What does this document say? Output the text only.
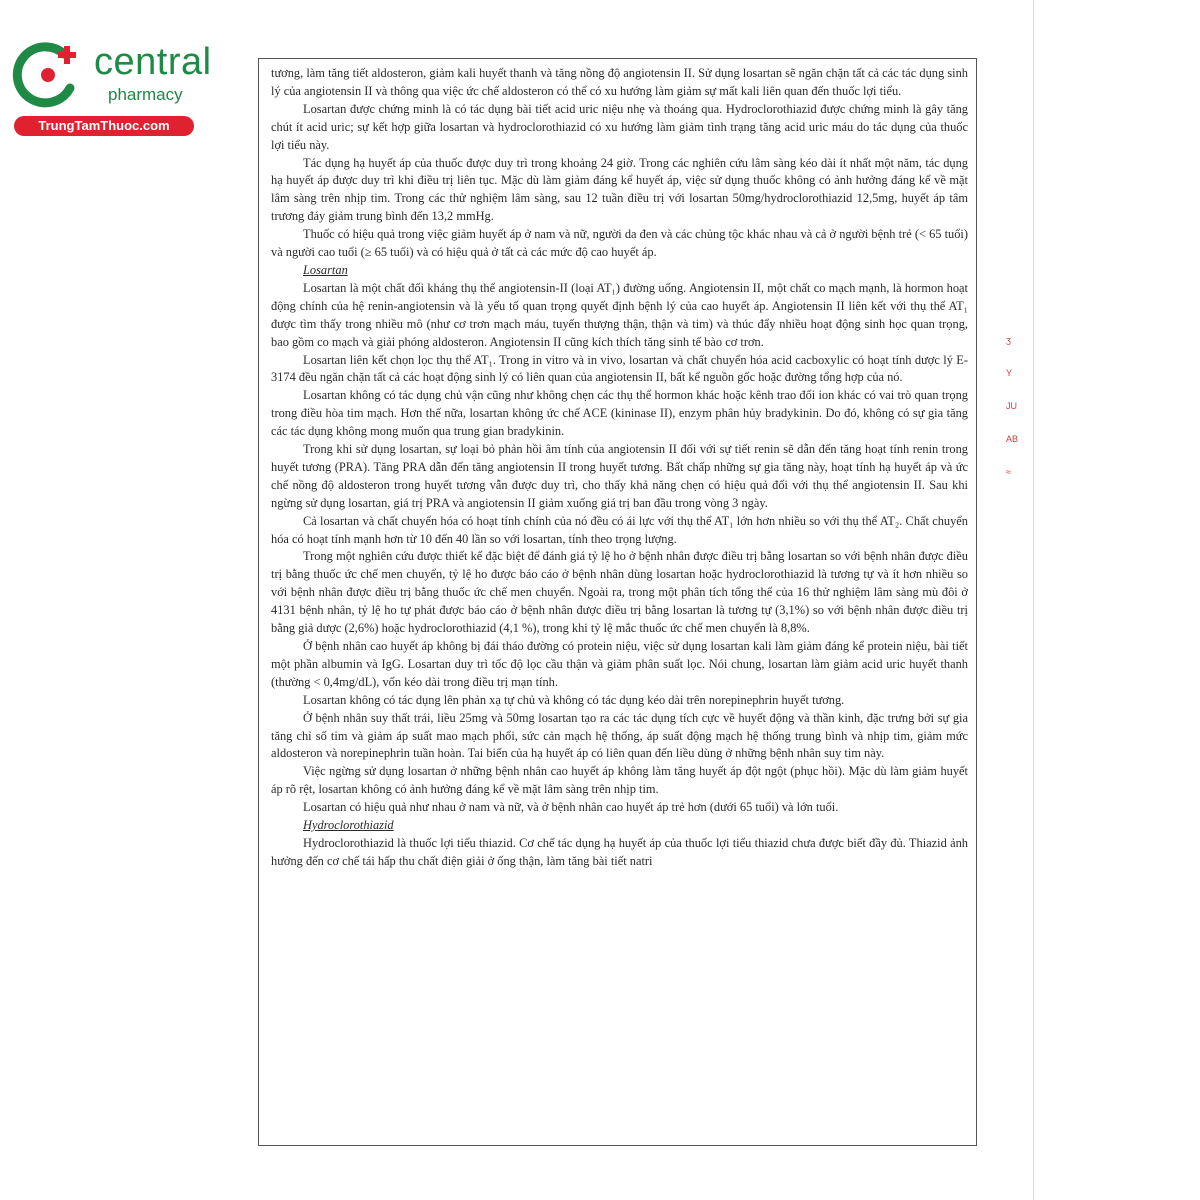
central
pharmacy
TrungTamThuoc.com

tương, làm tăng tiết aldosteron, giảm kali huyết thanh và tăng nồng độ angiotensin II. Sử dụng losartan sẽ ngăn chặn tất cả các tác dụng sinh lý của angiotensin II và thông qua việc ức chế aldosteron có thể có xu hướng làm giảm sự mất kali liên quan đến thuốc lợi tiểu.

Losartan được chứng minh là có tác dụng bài tiết acid uric niệu nhẹ và thoáng qua. Hydroclorothiazid được chứng minh là gây tăng chút ít acid uric; sự kết hợp giữa losartan và hydroclorothiazid có xu hướng làm giảm tình trạng tăng acid uric máu do tác dụng của thuốc lợi tiểu này.

Tác dụng hạ huyết áp của thuốc được duy trì trong khoảng 24 giờ. Trong các nghiên cứu lâm sàng kéo dài ít nhất một năm, tác dụng hạ huyết áp được duy trì khi điều trị liên tục. Mặc dù làm giảm đáng kể huyết áp, việc sử dụng thuốc không có ảnh hưởng đáng kể về mặt lâm sàng trên nhịp tim. Trong các thử nghiệm lâm sàng, sau 12 tuần điều trị với losartan 50mg/hydroclorothiazid 12,5mg, huyết áp tâm trương đáy giảm trung bình đến 13,2 mmHg.

Thuốc có hiệu quả trong việc giảm huyết áp ở nam và nữ, người da đen và các chủng tộc khác nhau và cả ở người bệnh trẻ (< 65 tuổi) và người cao tuổi (≥ 65 tuổi) và có hiệu quả ở tất cả các mức độ cao huyết áp.

Losartan

Losartan là một chất đối kháng thụ thể angiotensin-II (loại AT₁) đường uống. Angiotensin II, một chất co mạch mạnh, là hormon hoạt động chính của hệ renin-angiotensin và là yếu tố quan trọng quyết định bệnh lý của cao huyết áp. Angiotensin II liên kết với thụ thể AT₁ được tìm thấy trong nhiều mô (như cơ trơn mạch máu, tuyến thượng thận, thận và tim) và thúc đẩy nhiều hoạt động sinh học quan trọng, bao gồm co mạch và giải phóng aldosteron. Angiotensin II cũng kích thích tăng sinh tế bào cơ trơn.

Losartan liên kết chọn lọc thụ thể AT₁. Trong in vitro và in vivo, losartan và chất chuyển hóa acid cacboxylic có hoạt tính dược lý E-3174 đều ngăn chặn tất cả các hoạt động sinh lý có liên quan của angiotensin II, bất kể nguồn gốc hoặc đường tổng hợp của nó.

Losartan không có tác dụng chủ vận cũng như không chẹn các thụ thể hormon khác hoặc kênh trao đổi ion khác có vai trò quan trọng trong điều hòa tim mạch. Hơn thế nữa, losartan không ức chế ACE (kininase II), enzym phân hủy bradykinin. Do đó, không có sự gia tăng các tác dụng không mong muốn qua trung gian bradykinin.

Trong khi sử dụng losartan, sự loại bỏ phản hồi âm tính của angiotensin II đối với sự tiết renin sẽ dẫn đến tăng hoạt tính renin trong huyết tương (PRA). Tăng PRA dẫn đến tăng angiotensin II trong huyết tương. Bất chấp những sự gia tăng này, hoạt tính hạ huyết áp và ức chế nồng độ aldosteron trong huyết tương vẫn được duy trì, cho thấy khả năng chẹn có hiệu quả đối với thụ thể angiotensin II. Sau khi ngừng sử dụng losartan, giá trị PRA và angiotensin II giảm xuống giá trị ban đầu trong vòng 3 ngày.

Cả losartan và chất chuyển hóa có hoạt tính chính của nó đều có ái lực với thụ thể AT₁ lớn hơn nhiều so với thụ thể AT₂. Chất chuyển hóa có hoạt tính mạnh hơn từ 10 đến 40 lần so với losartan, tính theo trọng lượng.

Trong một nghiên cứu được thiết kế đặc biệt để đánh giá tỷ lệ ho ở bệnh nhân được điều trị bằng losartan so với bệnh nhân được điều trị bằng thuốc ức chế men chuyển, tỷ lệ ho được báo cáo ở bệnh nhân dùng losartan hoặc hydroclorothiazid là tương tự và ít hơn nhiều so với bệnh nhân được điều trị bằng thuốc ức chế men chuyển. Ngoài ra, trong một phân tích tổng thể của 16 thử nghiệm lâm sàng mù đôi ở 4131 bệnh nhân, tỷ lệ ho tự phát được báo cáo ở bệnh nhân được điều trị bằng losartan là tương tự (3,1%) so với bệnh nhân được điều trị bằng giả dược (2,6%) hoặc hydroclorothiazid (4,1 %), trong khi tỷ lệ mắc thuốc ức chế men chuyển là 8,8%.

Ở bệnh nhân cao huyết áp không bị đái tháo đường có protein niệu, việc sử dụng losartan kali làm giảm đáng kể protein niệu, bài tiết một phần albumin và IgG. Losartan duy trì tốc độ lọc cầu thận và giảm phân suất lọc. Nói chung, losartan làm giảm acid uric huyết thanh (thường < 0,4mg/dL), vốn kéo dài trong điều trị mạn tính.

Losartan không có tác dụng lên phản xạ tự chủ và không có tác dụng kéo dài trên norepinephrin huyết tương.

Ở bệnh nhân suy thất trái, liều 25mg và 50mg losartan tạo ra các tác dụng tích cực về huyết động và thần kinh, đặc trưng bởi sự gia tăng chỉ số tim và giảm áp suất mao mạch phổi, sức cản mạch hệ thống, áp suất động mạch hệ thống trung bình và nhịp tim, giảm mức aldosteron và norepinephrin tuần hoàn. Tai biến của hạ huyết áp có liên quan đến liều dùng ở những bệnh nhân suy tim này.

Việc ngừng sử dụng losartan ở những bệnh nhân cao huyết áp không làm tăng huyết áp đột ngột (phục hồi). Mặc dù làm giảm huyết áp rõ rệt, losartan không có ảnh hưởng đáng kể về mặt lâm sàng trên nhịp tim.

Losartan có hiệu quả như nhau ở nam và nữ, và ở bệnh nhân cao huyết áp trẻ hơn (dưới 65 tuổi) và lớn tuổi.

Hydroclorothiazid

Hydroclorothiazid là thuốc lợi tiểu thiazid. Cơ chế tác dụng hạ huyết áp của thuốc lợi tiểu thiazid chưa được biết đầy đủ. Thiazid ảnh hưởng đến cơ chế tái hấp thu chất điện giải ở ống thận, làm tăng bài tiết natri

ʒ
Y
JU
AB
≈
